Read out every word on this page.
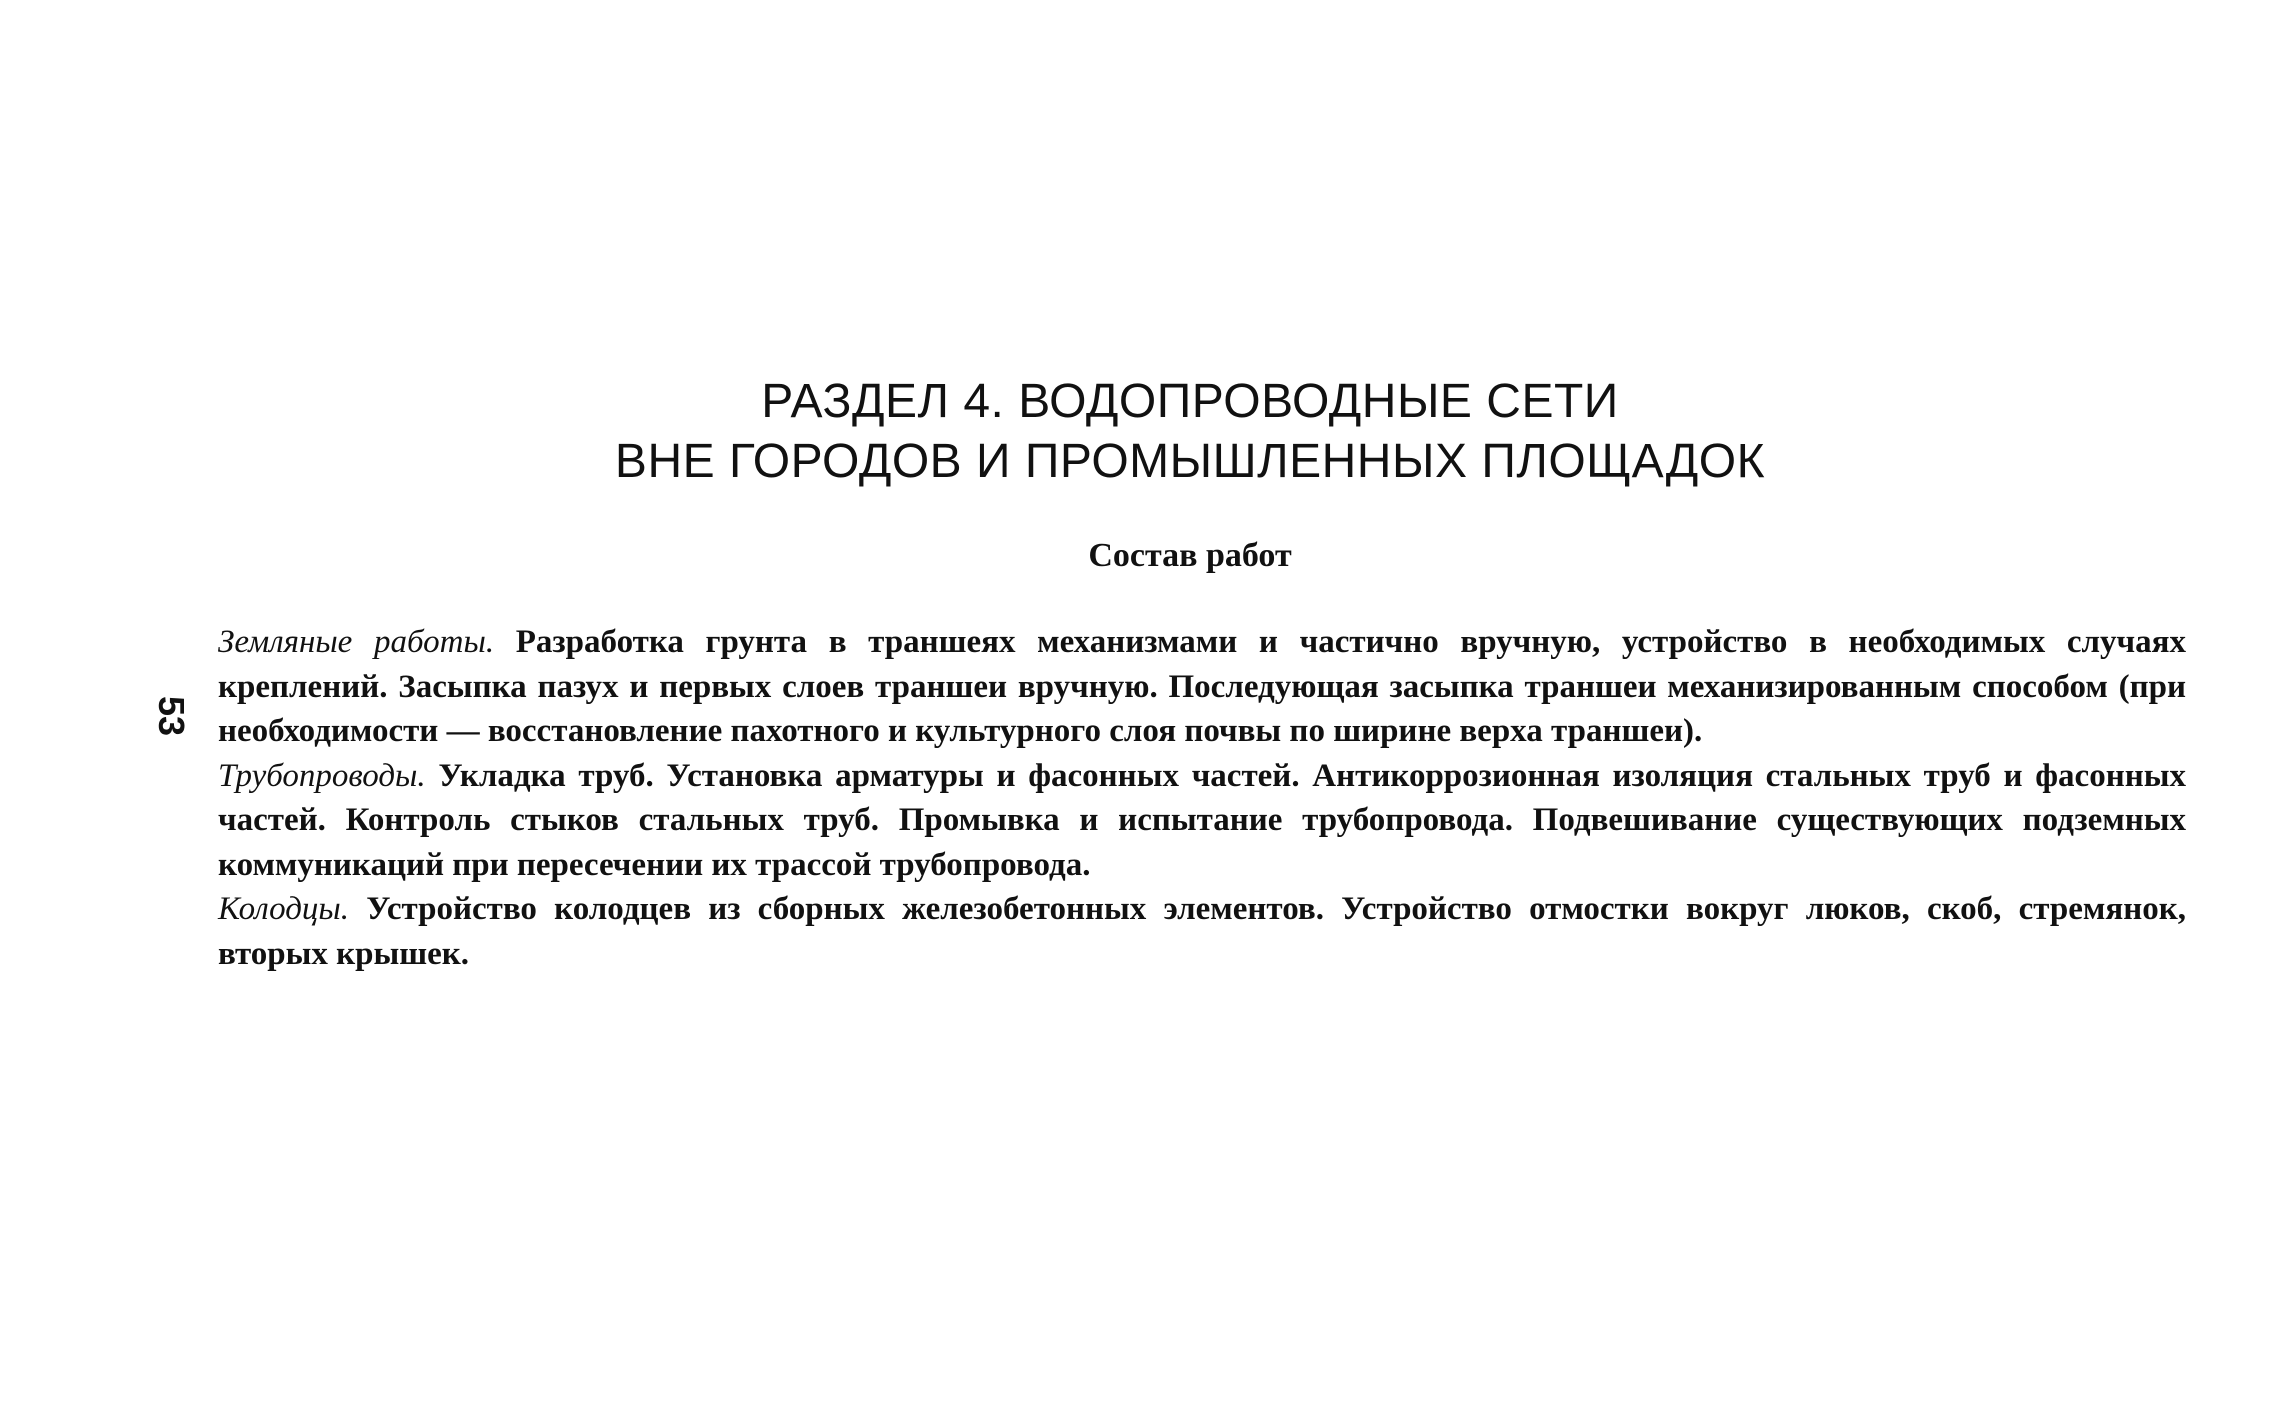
53
РАЗДЕЛ 4. ВОДОПРОВОДНЫЕ СЕТИ
ВНЕ ГОРОДОВ И ПРОМЫШЛЕННЫХ ПЛОЩАДОК
Состав работ

Земляные работы. Разработка грунта в траншеях механизмами и частично вручную, устройство в необходимых случаях креплений. Засыпка пазух и первых слоев траншеи вручную. Последующая засыпка траншеи механизированным способом (при необходимости — восстановление пахотного и культурного слоя почвы по ширине верха траншеи).

Трубопроводы. Укладка труб. Установка арматуры и фасонных частей. Антикоррозионная изоляция стальных труб и фасонных частей. Контроль стыков стальных труб. Промывка и испытание трубопровода. Подвешивание существующих подземных коммуникаций при пересечении их трассой трубопровода.

Колодцы. Устройство колодцев из сборных железобетонных элементов. Устройство отмостки вокруг люков, скоб, стремянок, вторых крышек.
